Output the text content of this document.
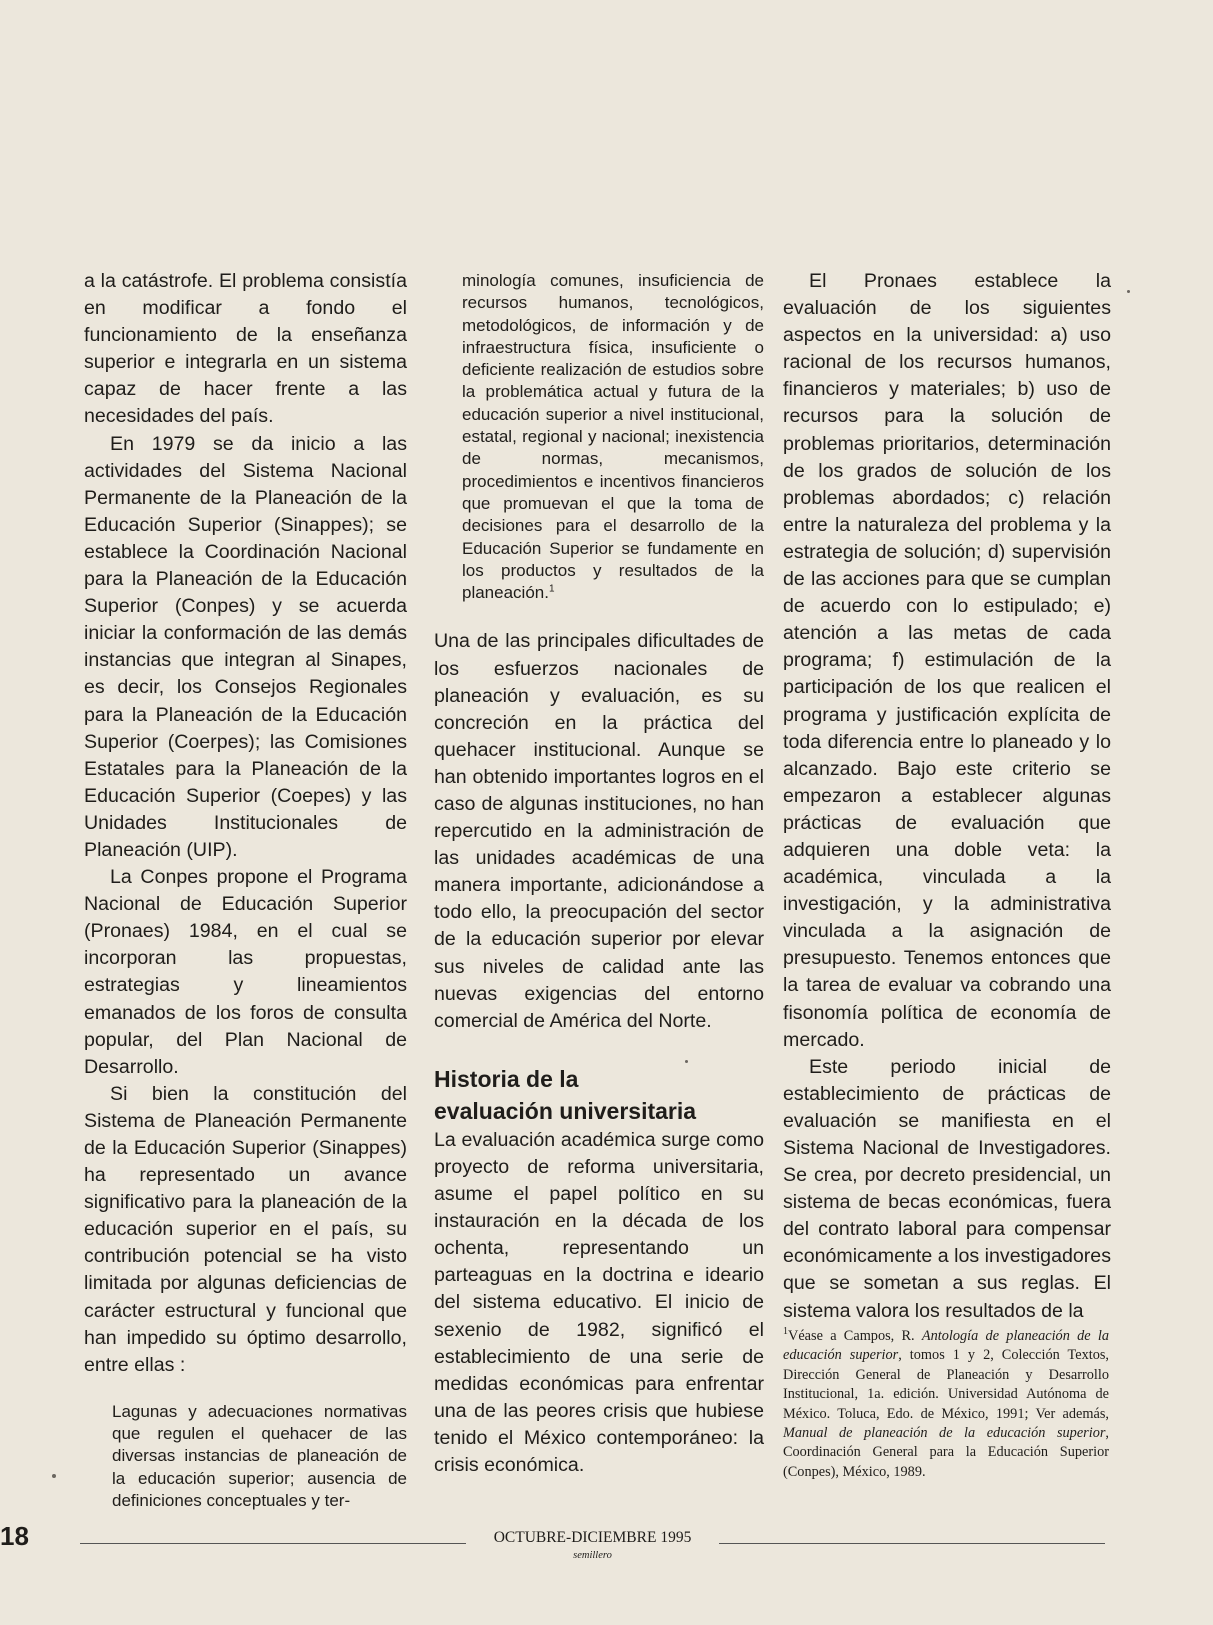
a la catástrofe. El problema consistía en modificar a fondo el funcionamiento de la enseñanza superior e integrarla en un sistema capaz de hacer frente a las necesidades del país.

En 1979 se da inicio a las actividades del Sistema Nacional Permanente de la Planeación de la Educación Superior (Sinappes); se establece la Coordinación Nacional para la Planeación de la Educación Superior (Conpes) y se acuerda iniciar la conformación de las demás instancias que integran al Sinapes, es decir, los Consejos Regionales para la Planeación de la Educación Superior (Coerpes); las Comisiones Estatales para la Planeación de la Educación Superior (Coepes) y las Unidades Institucionales de Planeación (UIP).

La Conpes propone el Programa Nacional de Educación Superior (Pronaes) 1984, en el cual se incorporan las propuestas, estrategias y lineamientos emanados de los foros de consulta popular, del Plan Nacional de Desarrollo.

Si bien la constitución del Sistema de Planeación Permanente de la Educación Superior (Sinappes) ha representado un avance significativo para la planeación de la educación superior en el país, su contribución potencial se ha visto limitada por algunas deficiencias de carácter estructural y funcional que han impedido su óptimo desarrollo, entre ellas :

Lagunas y adecuaciones normativas que regulen el quehacer de las diversas instancias de planeación de la educación superior; ausencia de definiciones conceptuales y ter-

minología comunes, insuficiencia de recursos humanos, tecnológicos, metodológicos, de información y de infraestructura física, insuficiente o deficiente realización de estudios sobre la problemática actual y futura de la educación superior a nivel institucional, estatal, regional y nacional; inexistencia de normas, mecanismos, procedimientos e incentivos financieros que promuevan el que la toma de decisiones para el desarrollo de la Educación Superior se fundamente en los productos y resultados de la planeación.$^1$

Una de las principales dificultades de los esfuerzos nacionales de planeación y evaluación, es su concreción en la práctica del quehacer institucional. Aunque se han obtenido importantes logros en el caso de algunas instituciones, no han repercutido en la administración de las unidades académicas de una manera importante, adicionándose a todo ello, la preocupación del sector de la educación superior por elevar sus niveles de calidad ante las nuevas exigencias del entorno comercial de América del Norte.

Historia de la
evaluación universitaria

La evaluación académica surge como proyecto de reforma universitaria, asume el papel político en su instauración en la década de los ochenta, representando un parteaguas en la doctrina e ideario del sistema educativo. El inicio de sexenio de 1982, significó el establecimiento de una serie de medidas económicas para enfrentar una de las peores crisis que hubiese tenido el México contemporáneo: la crisis económica.

El Pronaes establece la evaluación de los siguientes aspectos en la universidad: a) uso racional de los recursos humanos, financieros y materiales; b) uso de recursos para la solución de problemas prioritarios, determinación de los grados de solución de los problemas abordados; c) relación entre la naturaleza del problema y la estrategia de solución; d) supervisión de las acciones para que se cumplan de acuerdo con lo estipulado; e) atención a las metas de cada programa; f) estimulación de la participación de los que realicen el programa y justificación explícita de toda diferencia entre lo planeado y lo alcanzado. Bajo este criterio se empezaron a establecer algunas prácticas de evaluación que adquieren una doble veta: la académica, vinculada a la investigación, y la administrativa vinculada a la asignación de presupuesto. Tenemos entonces que la tarea de evaluar va cobrando una fisonomía política de economía de mercado.

Este periodo inicial de establecimiento de prácticas de evaluación se manifiesta en el Sistema Nacional de Investigadores. Se crea, por decreto presidencial, un sistema de becas económicas, fuera del contrato laboral para compensar económicamente a los investigadores que se sometan a sus reglas. El sistema valora los resultados de la

$^1$Véase a Campos, R. Antología de planeación de la educación superior, tomos 1 y 2, Colección Textos, Dirección General de Planeación y Desarrollo Institucional, 1a. edición. Universidad Autónoma de México. Toluca, Edo. de México, 1991; Ver además, Manual de planeación de la educación superior, Coordinación General para la Educación Superior (Conpes), México, 1989.
18	OCTUBRE-DICIEMBRE 1995
semillero
